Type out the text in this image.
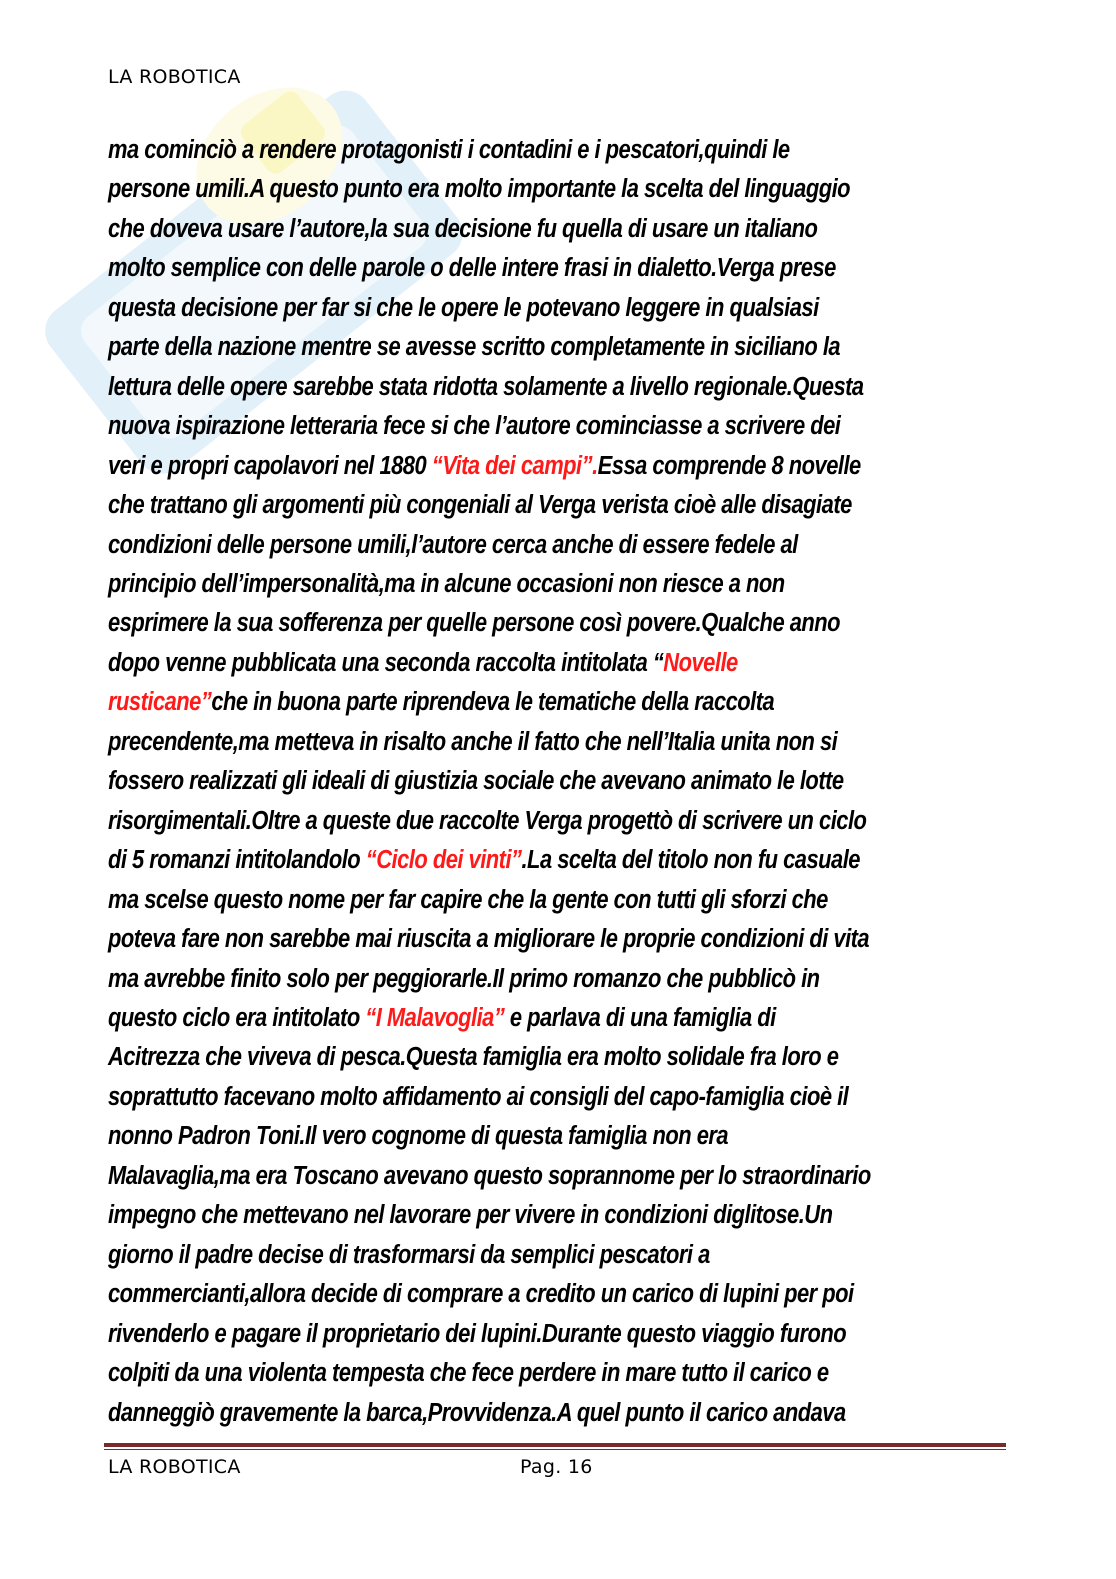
LA ROBOTICA
ma cominciò a rendere protagonisti i contadini e i pescatori,quindi le
persone umili.A questo punto era molto importante la scelta del linguaggio
che doveva usare l’autore,la sua decisione fu quella di usare un italiano
molto semplice con delle parole o delle intere frasi in dialetto.Verga prese
questa decisione per far si che le opere le potevano leggere in qualsiasi
parte della nazione mentre se avesse scritto completamente in siciliano la
lettura delle opere sarebbe stata ridotta solamente a livello regionale.Questa
nuova ispirazione letteraria fece si che l’autore cominciasse a scrivere dei
veri e propri capolavori nel 1880 “Vita dei campi”.Essa comprende 8 novelle
che trattano gli argomenti più congeniali al Verga verista cioè alle disagiate
condizioni delle persone umili,l’autore cerca anche di essere fedele al
principio dell’impersonalità,ma in alcune occasioni non riesce a non
esprimere la sua sofferenza per quelle persone così povere.Qualche anno
dopo venne pubblicata una seconda raccolta intitolata “Novelle
rusticane”che in buona parte riprendeva le tematiche della raccolta
precendente,ma metteva in risalto anche il fatto che nell’Italia unita non si
fossero realizzati gli ideali di giustizia sociale che avevano animato le lotte
risorgimentali.Oltre a queste due raccolte Verga progettò di scrivere un ciclo
di 5 romanzi intitolandolo “Ciclo dei vinti”.La scelta del titolo non fu casuale
ma scelse questo nome per far capire che la gente con tutti gli sforzi che
poteva fare non sarebbe mai riuscita a migliorare le proprie condizioni di vita
ma avrebbe finito solo per peggiorarle.Il primo romanzo che pubblicò in
questo ciclo era intitolato “I Malavoglia” e parlava di una famiglia di
Acitrezza che viveva di pesca.Questa famiglia era molto solidale fra loro e
soprattutto facevano molto affidamento ai consigli del capo-famiglia cioè il
nonno Padron Toni.Il vero cognome di questa famiglia non era
Malavaglia,ma era Toscano avevano questo soprannome per lo straordinario
impegno che mettevano nel lavorare per vivere in condizioni diglitose.Un
giorno il padre decise di trasformarsi da semplici pescatori a
commercianti,allora decide di comprare a credito un carico di lupini per poi
rivenderlo e pagare il proprietario dei lupini.Durante questo viaggio furono
colpiti da una violenta tempesta che fece perdere in mare tutto il carico e
danneggiò gravemente la barca,Provvidenza.A quel punto il carico andava
LA ROBOTICA	Pag. 16
